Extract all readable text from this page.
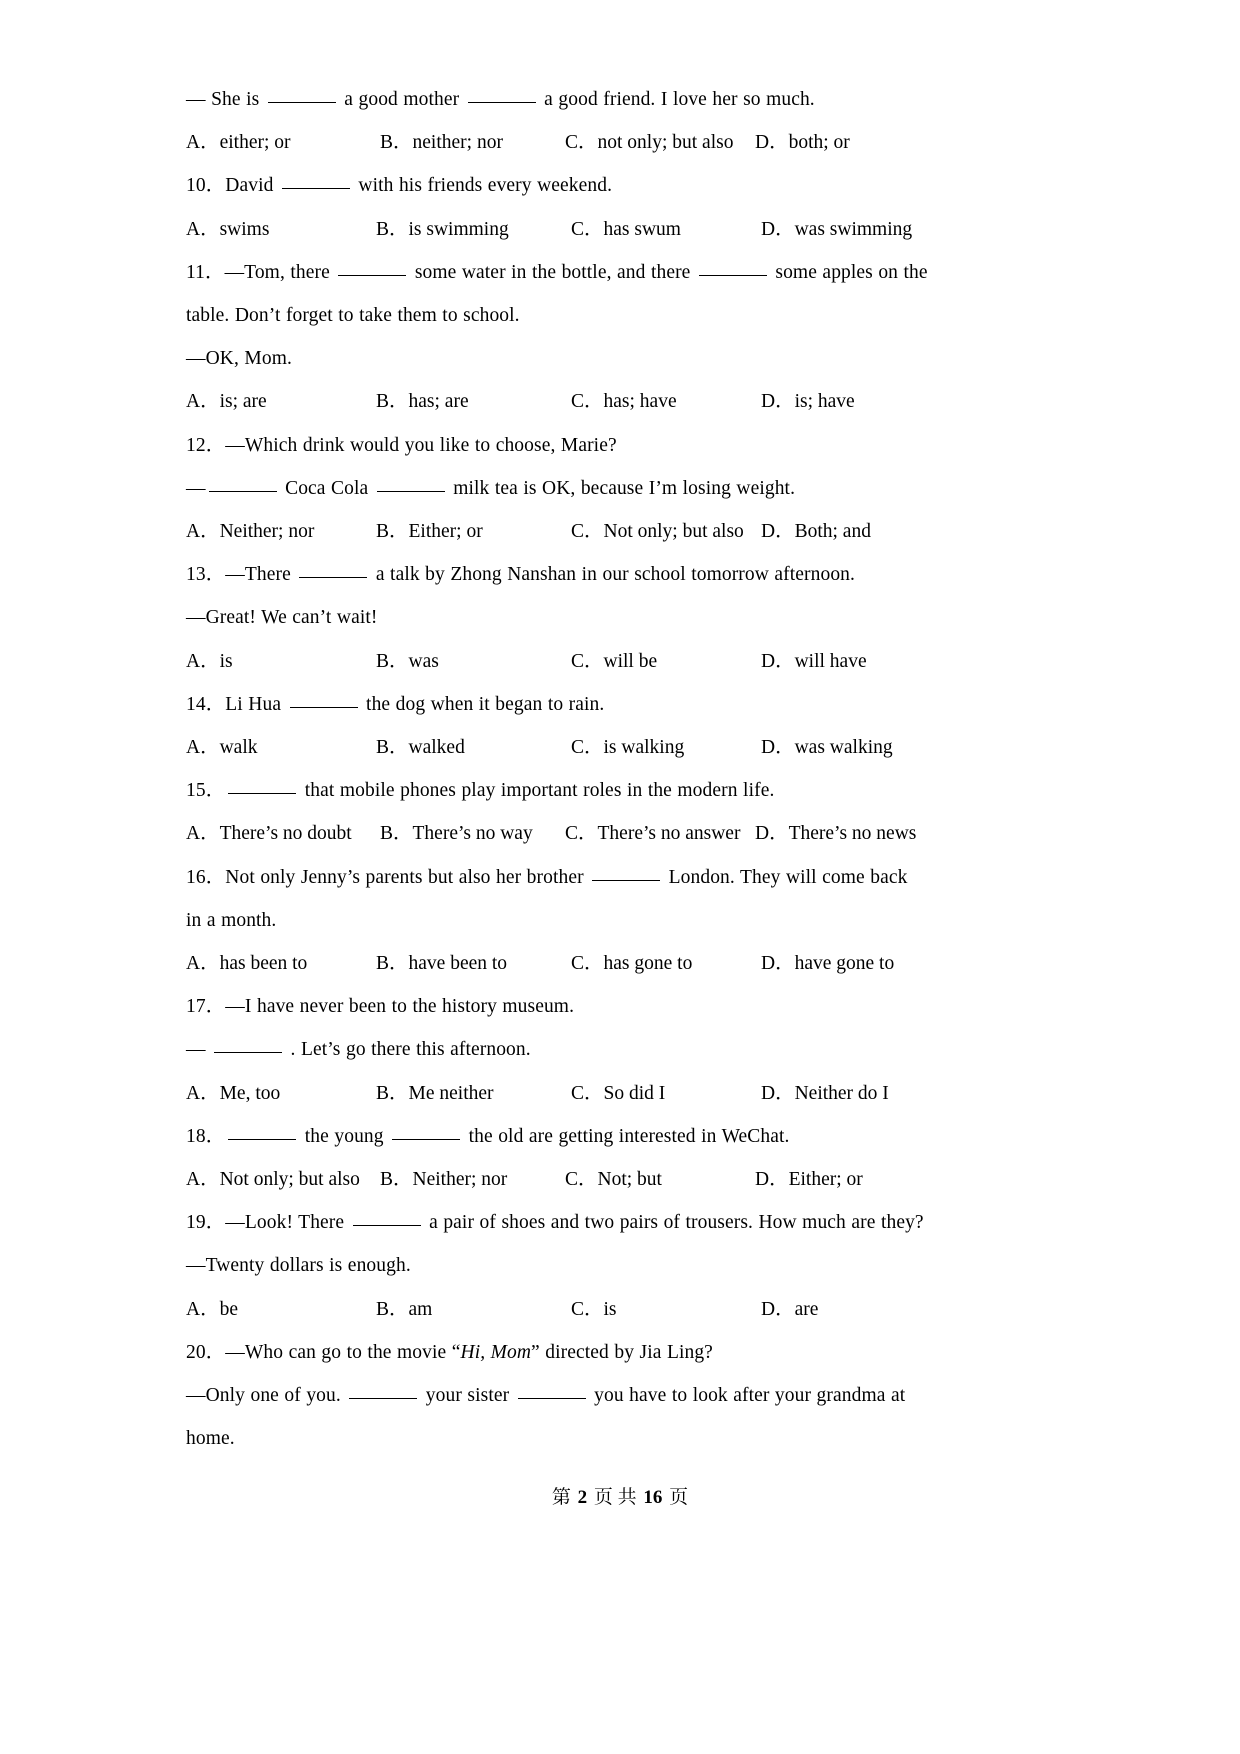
— She is	a good mother	a good friend. I love her so much.
A．either; or	B．neither; nor	C．not only; but also	D．both; or
10．David	with his friends every weekend.
A．swims	B．is swimming	C．has swum	D．was swimming
11．—Tom, there	some water in the bottle, and there	some apples on the table. Don’t forget to take them to school.
—OK, Mom.
A．is; are	B．has; are	C．has; have	D．is; have
12．—Which drink would you like to choose, Marie?
—	Coca Cola	milk tea is OK, because I’m losing weight.
A．Neither; nor	B．Either; or	C．Not only; but also D．Both; and
13．—There	a talk by Zhong Nanshan in our school tomorrow afternoon.
—Great! We can’t wait!
A．is	B．was	C．will be	D．will have
14．Li Hua	the dog when it began to rain.
A．walk	B．walked	C．is walking	D．was walking
15．	that mobile phones play important roles in the modern life.
A．There’s no doubt	B．There’s no way	C．There’s no answer D．There’s no news
16．Not only Jenny’s parents but also her brother	London. They will come back in a month.
A．has been to	B．have been to	C．has gone to	D．have gone to
17．—I have never been to the history museum.
—	. Let’s go there this afternoon.
A．Me, too	B．Me neither	C．So did I	D．Neither do I
18．	the young	the old are getting interested in WeChat.
A．Not only; but also	B．Neither; nor	C．Not; but	D．Either; or
19．—Look! There	a pair of shoes and two pairs of trousers. How much are they?
—Twenty dollars is enough.
A．be	B．am	C．is	D．are
20．—Who can go to the movie “Hi, Mom” directed by Jia Ling?
—Only one of you.	your sister	you have to look after your grandma at home.
第 2 页 共 16 页
